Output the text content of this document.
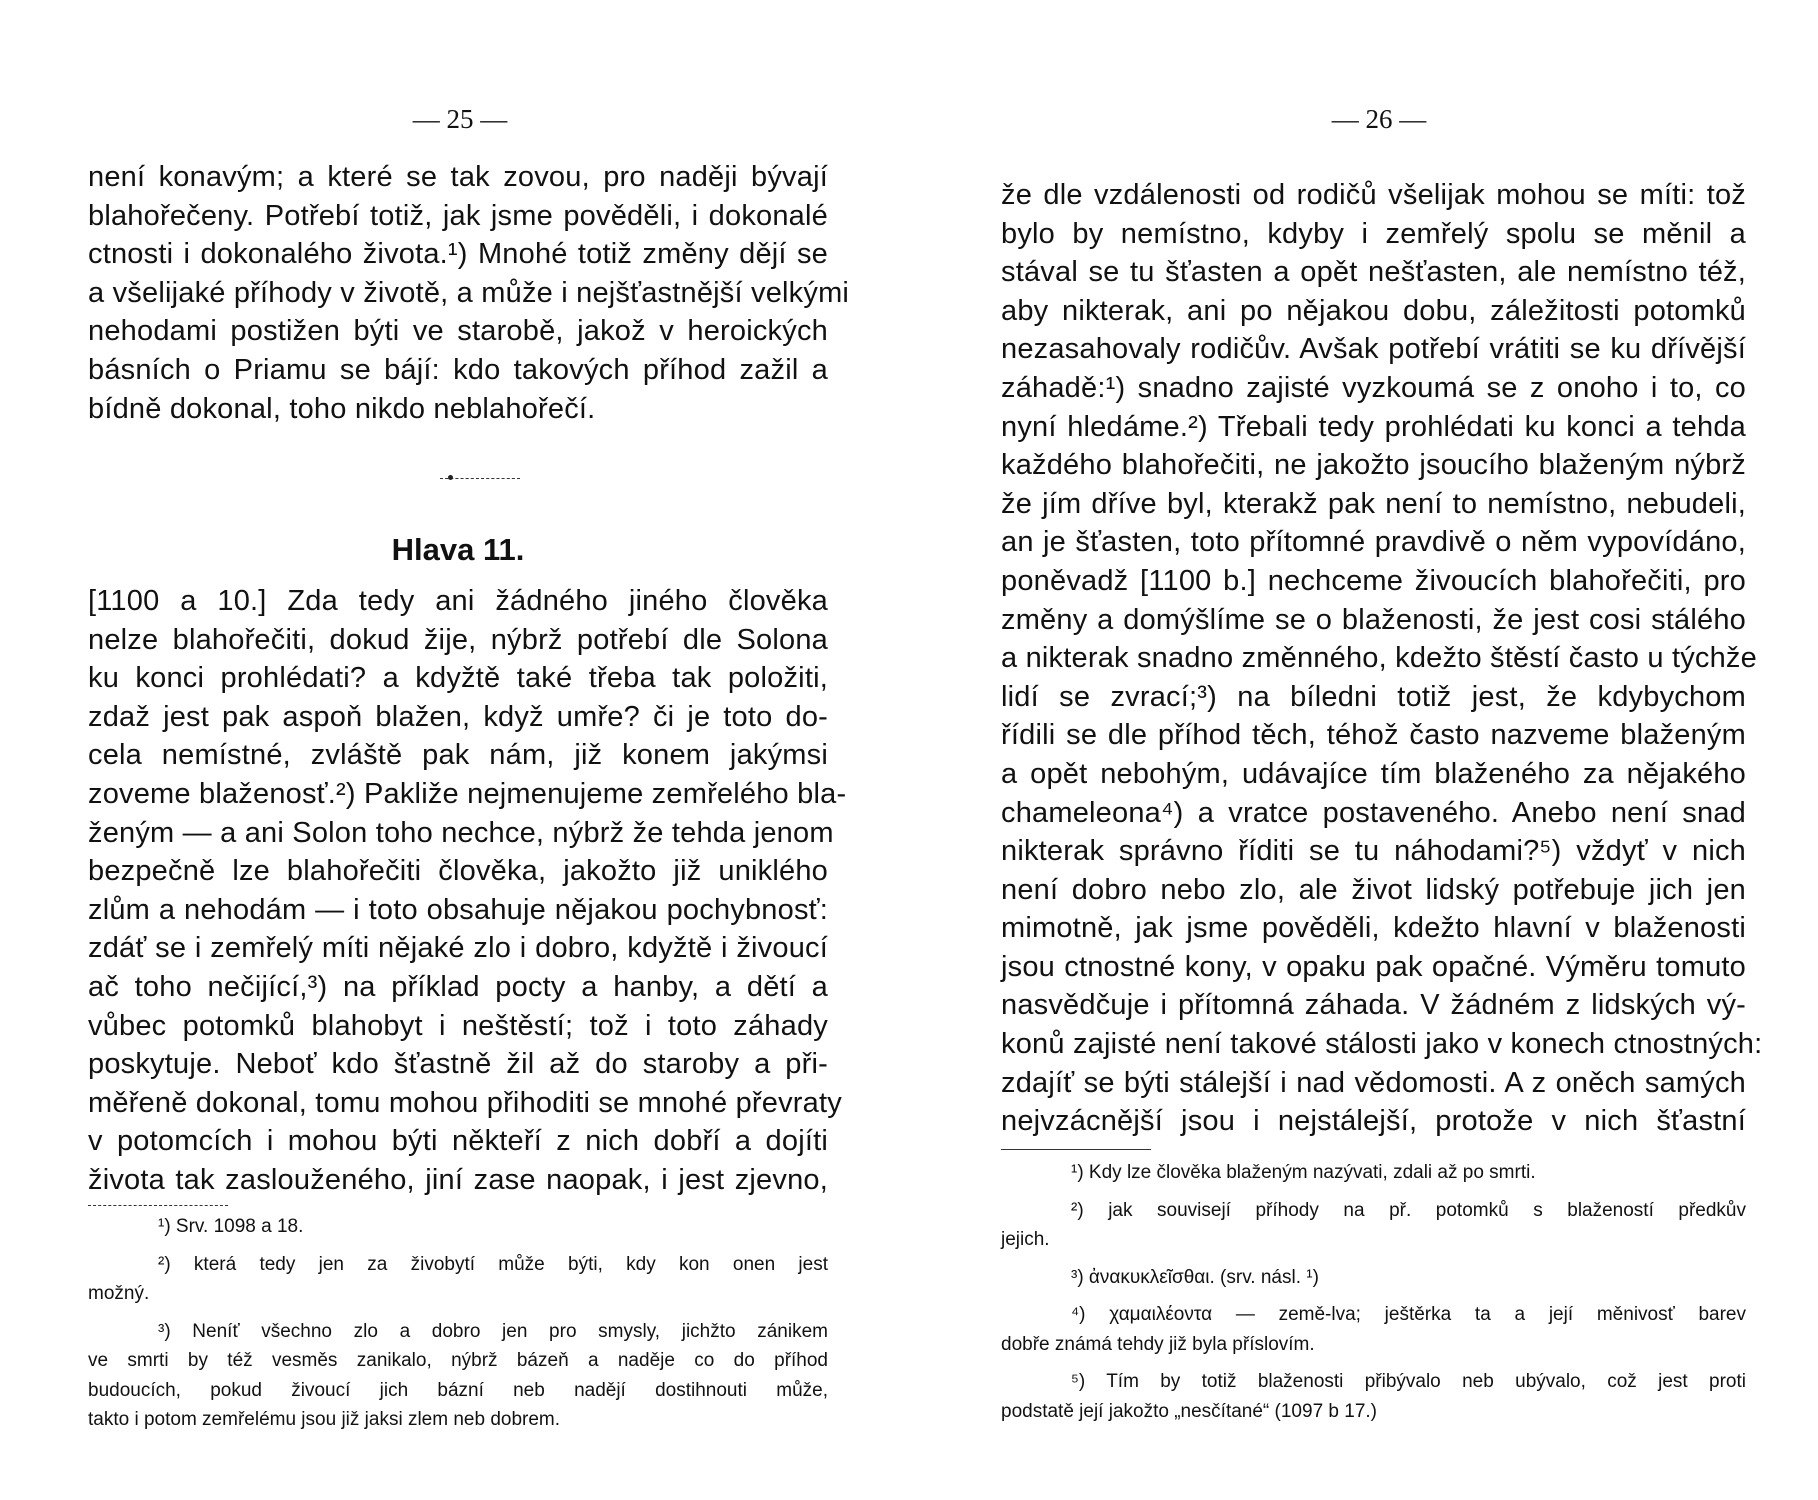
— 25 —
není konavým; a které se tak zovou, pro naději bývají
blahořečeny. Potřebí totiž, jak jsme pověděli, i dokonalé
ctnosti i dokonalého života.¹) Mnohé totiž změny dějí se
a všelijaké příhody v životě, a může i nejšťastnější velkými
nehodami postižen býti ve starobě, jakož v heroických
básních o Priamu se bájí: kdo takových příhod zažil a
bídně dokonal, toho nikdo neblahořečí.
Hlava 11.
[1100 a 10.] Zda tedy ani žádného jiného člověka
nelze blahořečiti, dokud žije, nýbrž potřebí dle Solona
ku konci prohlédati? a kdyžtě také třeba tak položiti,
zdaž jest pak aspoň blažen, když umře? či je toto do-
cela nemístné, zvláště pak nám, již konem jakýmsi
zoveme blaženosť.²) Pakliže nejmenujeme zemřelého bla-
ženým — a ani Solon toho nechce, nýbrž že tehda jenom
bezpečně lze blahořečiti člověka, jakožto již uniklého
zlům a nehodám — i toto obsahuje nějakou pochybnosť:
zdáť se i zemřelý míti nějaké zlo i dobro, kdyžtě i živoucí
ač toho nečijící,³) na příklad pocty a hanby, a dětí a
vůbec potomků blahobyt i neštěstí; tož i toto záhady
poskytuje. Neboť kdo šťastně žil až do staroby a při-
měřeně dokonal, tomu mohou přihoditi se mnohé převraty
v potomcích i mohou býti někteří z nich dobří a dojíti
života tak zaslouženého, jiní zase naopak, i jest zjevno,
¹) Srv. 1098 a 18.
²) která tedy jen za živobytí může býti, kdy kon onen jest
možný.
³) Neníť všechno zlo a dobro jen pro smysly, jichžto zánikem
ve smrti by též vesměs zanikalo, nýbrž bázeň a naděje co do příhod
budoucích, pokud živoucí jich bázní neb nadějí dostihnouti může,
takto i potom zemřelému jsou již jaksi zlem neb dobrem.
— 26 —
že dle vzdálenosti od rodičů všelijak mohou se míti: tož
bylo by nemístno, kdyby i zemřelý spolu se měnil a
stával se tu šťasten a opět nešťasten, ale nemístno též,
aby nikterak, ani po nějakou dobu, záležitosti potomků
nezasahovaly rodičův. Avšak potřebí vrátiti se ku dřívější
záhadě:¹) snadno zajisté vyzkoumá se z onoho i to, co
nyní hledáme.²) Třebali tedy prohlédati ku konci a tehda
každého blahořečiti, ne jakožto jsoucího blaženým nýbrž
že jím dříve byl, kterakž pak není to nemístno, nebudeli,
an je šťasten, toto přítomné pravdivě o něm vypovídáno,
poněvadž [1100 b.] nechceme živoucích blahořečiti, pro
změny a domýšlíme se o blaženosti, že jest cosi stálého
a nikterak snadno změnného, kdežto štěstí často u týchže
lidí se zvrací;³) na bíledni totiž jest, že kdybychom
řídili se dle příhod těch, téhož často nazveme blaženým
a opět nebohým, udávajíce tím blaženého za nějakého
chameleona⁴) a vratce postaveného. Anebo není snad
nikterak správno říditi se tu náhodami?⁵) vždyť v nich
není dobro nebo zlo, ale život lidský potřebuje jich jen
mimotně, jak jsme pověděli, kdežto hlavní v blaženosti
jsou ctnostné kony, v opaku pak opačné. Výměru tomuto
nasvědčuje i přítomná záhada. V žádném z lidských vý-
konů zajisté není takové stálosti jako v konech ctnostných:
zdajíť se býti stálejší i nad vědomosti. A z oněch samých
nejvzácnější jsou i nejstálejší, protože v nich šťastní
¹) Kdy lze člověka blaženým nazývati, zdali až po smrti.
²) jak souvisejí příhody na př. potomků s blažeností předkův
jejich.
³) ἀνακυκλεῖσθαι. (srv. násl. ¹)
⁴) χαμαιλέοντα — země-lva; ještěrka ta a její měnivosť barev
dobře známá tehdy již byla příslovím.
⁵) Tím by totiž blaženosti přibývalo neb ubývalo, což jest proti
podstatě její jakožto „nesčítané“ (1097 b 17.)
